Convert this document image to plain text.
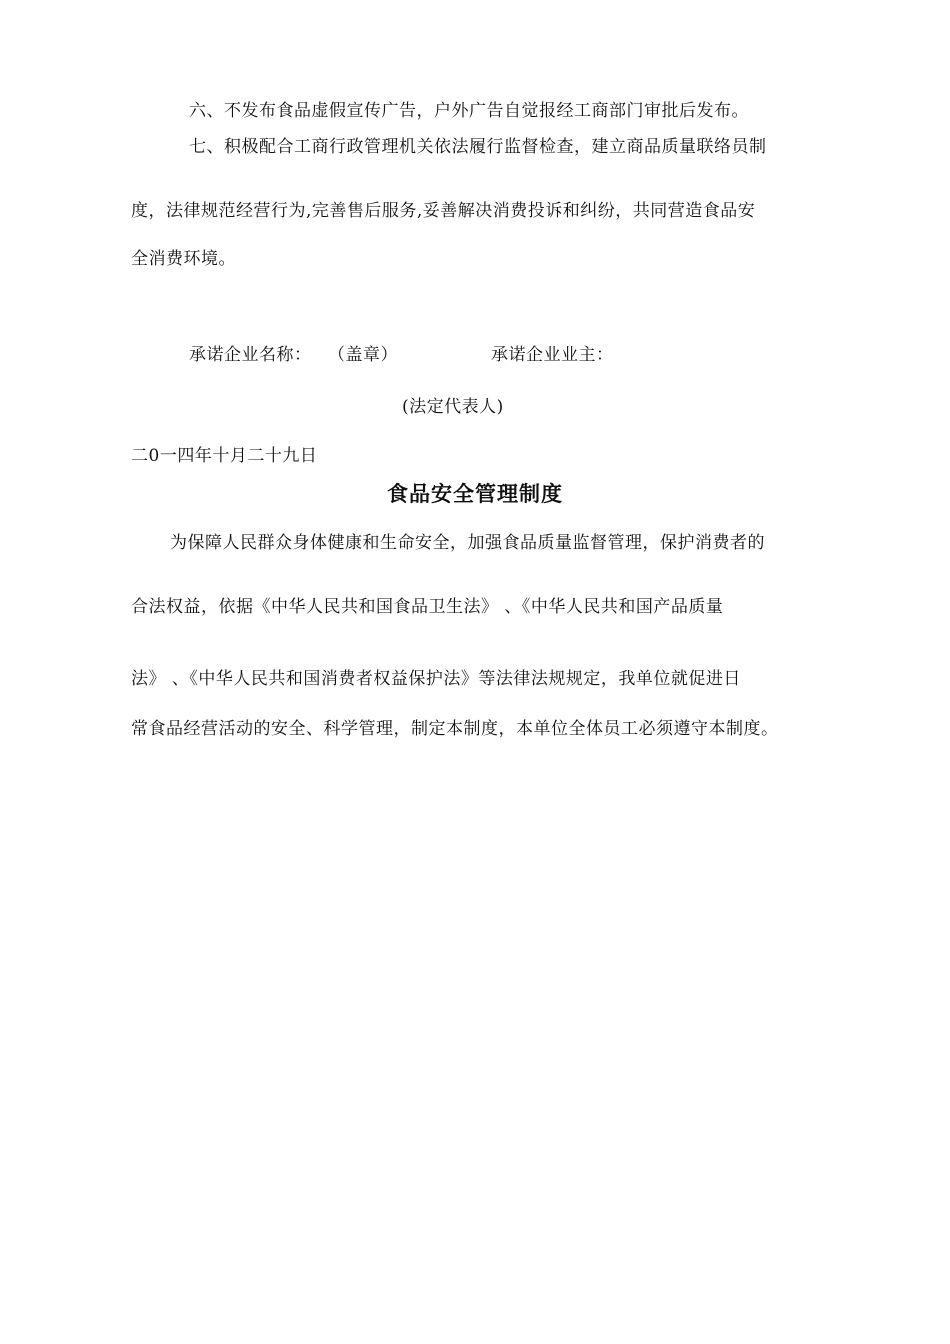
六、不发布食品虚假宣传广告，户外广告自觉报经工商部门审批后发布。
七、积极配合工商行政管理机关依法履行监督检查，建立商品质量联络员制
度，法律规范经营行为,完善售后服务,妥善解决消费投诉和纠纷，共同营造食品安
全消费环境。
承诺企业名称： （盖章）	承诺企业业主：
(法定代表人)
二0一四年十月二十九日
食品安全管理制度
为保障人民群众身体健康和生命安全，加强食品质量监督管理，保护消费者的
合法权益，依据《中华人民共和国食品卫生法》 、《中华人民共和国产品质量
法》 、《中华人民共和国消费者权益保护法》等法律法规规定，我单位就促进日
常食品经营活动的安全、科学管理，制定本制度，本单位全体员工必须遵守本制度。
